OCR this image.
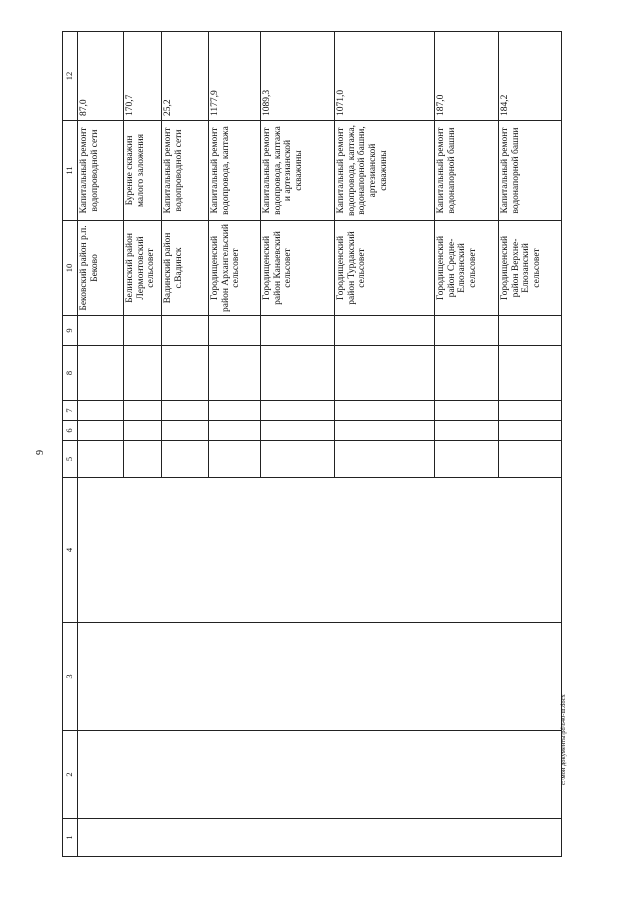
9
1	2	3	4	5	6	7	8	9	10	11	12
									Бековский район р.п. Беково	Капитальный ремонт водопроводной сети	87,0
									Белинский район Лермонтовский сельсовет	Бурение скважин малого заложения	170,7
									Вадинский район с.Вадинск	Капитальный ремонт водопроводной сети	25,2
									Городищенский район Архангельский сельсовет	Капитальный ремонт водопровода, каптажа	1177,9
									Городищенский район Канаевский сельсовет	Капитальный ремонт водопровода, каптажа и артезианской скважины	1089,3
									Городищенский район Турдакский сельсовет	Капитальный ремонт водопровода, каптажа, водонапорной башни, артезианской скважины	1071,0
									Городищенский район Средне-Елюзанский сельсовет	Капитальный ремонт водонапорной башни	187,0
									Городищенский район Верхне-Елюзанский сельсовет	Капитальный ремонт водонапорной башни	184,2
c:\мои документы\рd\640-ш.docx
